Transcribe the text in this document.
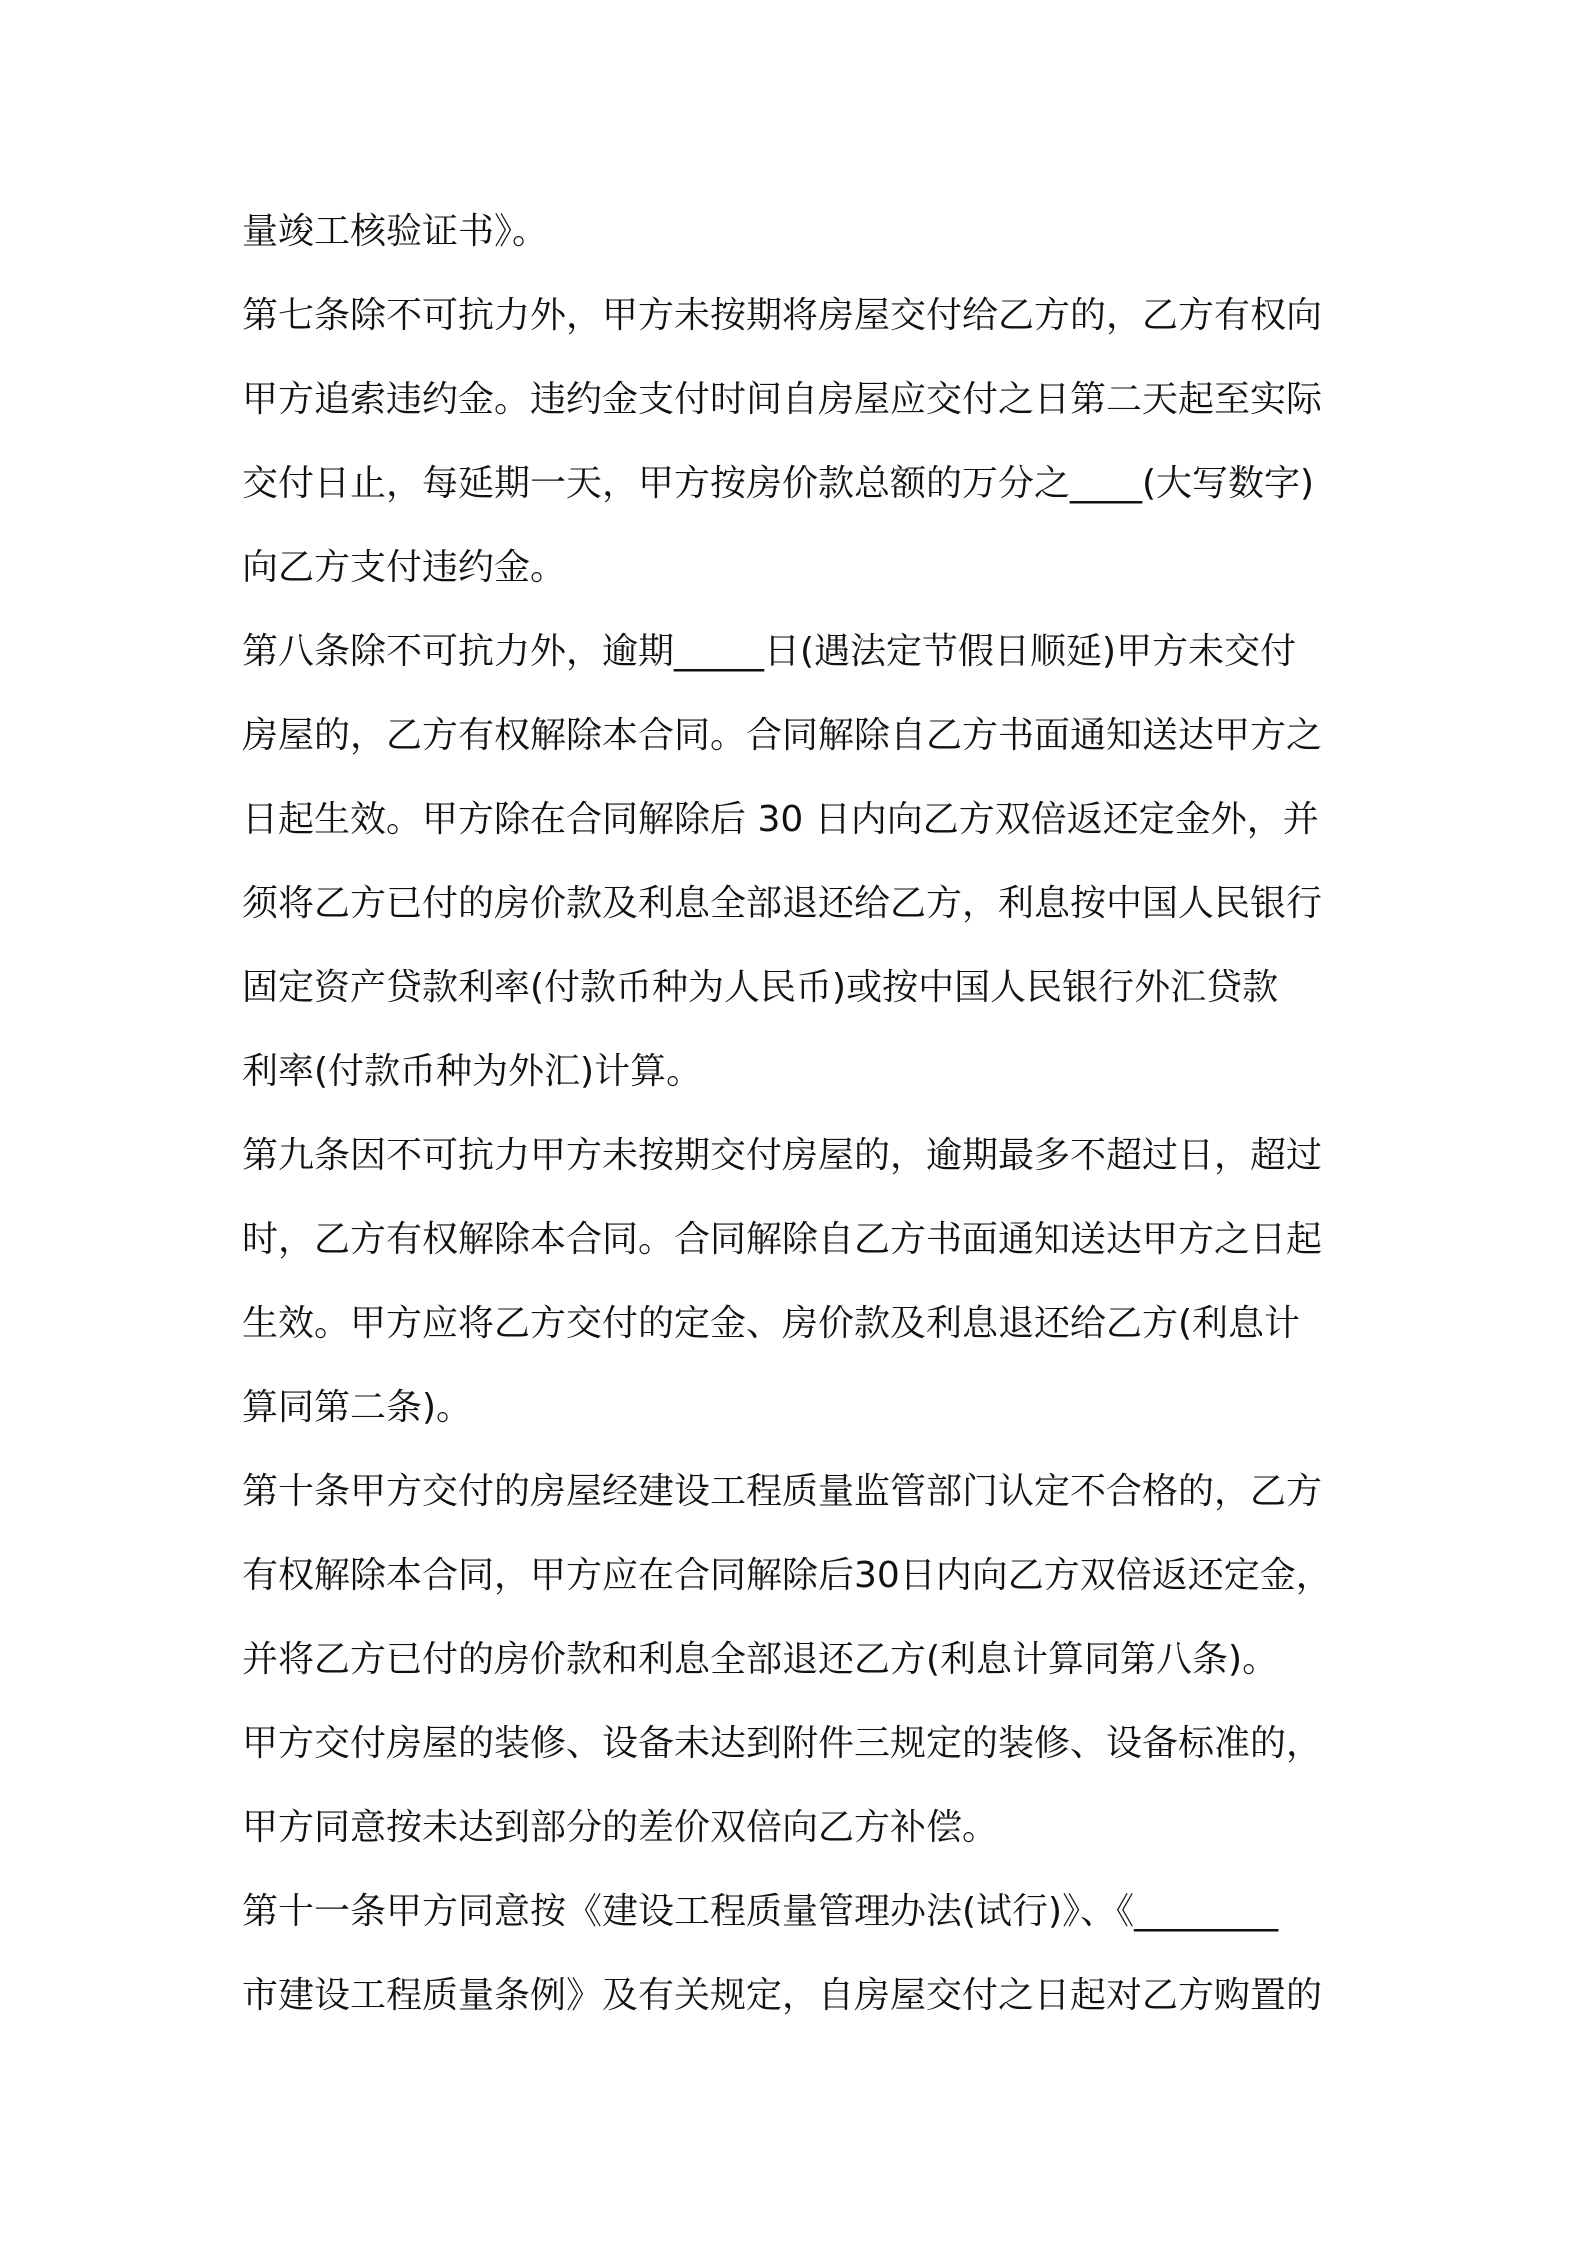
量竣工核验证书》。
第七条除不可抗力外，甲方未按期将房屋交付给乙方的，乙方有权向
甲方追索违约金。违约金支付时间自房屋应交付之日第二天起至实际
交付日止，每延期一天，甲方按房价款总额的万分之____(大写数字)
向乙方支付违约金。
第八条除不可抗力外，逾期_____日(遇法定节假日顺延)甲方未交付
房屋的，乙方有权解除本合同。合同解除自乙方书面通知送达甲方之
日起生效。甲方除在合同解除后 30 日内向乙方双倍返还定金外，并
须将乙方已付的房价款及利息全部退还给乙方，利息按中国人民银行
固定资产贷款利率(付款币种为人民币)或按中国人民银行外汇贷款
利率(付款币种为外汇)计算。
第九条因不可抗力甲方未按期交付房屋的，逾期最多不超过日，超过
时，乙方有权解除本合同。合同解除自乙方书面通知送达甲方之日起
生效。甲方应将乙方交付的定金、房价款及利息退还给乙方(利息计
算同第二条)。
第十条甲方交付的房屋经建设工程质量监管部门认定不合格的，乙方
有权解除本合同，甲方应在合同解除后30日内向乙方双倍返还定金，
并将乙方已付的房价款和利息全部退还乙方(利息计算同第八条)。
甲方交付房屋的装修、设备未达到附件三规定的装修、设备标准的，
甲方同意按未达到部分的差价双倍向乙方补偿。
第十一条甲方同意按《建设工程质量管理办法(试行)》、《________
市建设工程质量条例》及有关规定，自房屋交付之日起对乙方购置的
